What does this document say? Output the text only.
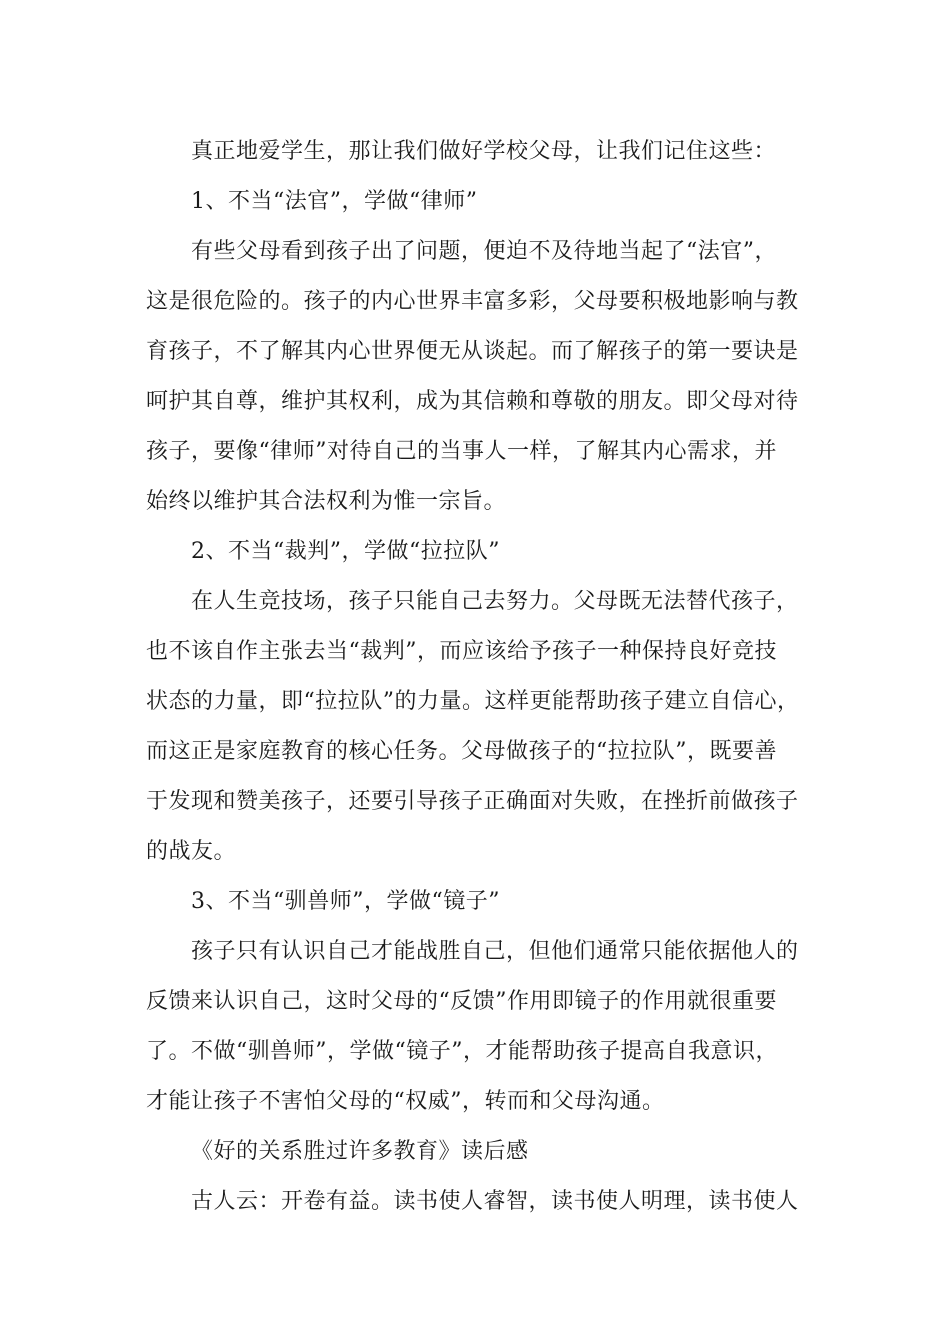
真正地爱学生，那让我们做好学校父母，让我们记住这些：
1、不当“法官”，学做“律师”
有些父母看到孩子出了问题，便迫不及待地当起了“法官”，
这是很危险的。孩子的内心世界丰富多彩，父母要积极地影响与教
育孩子，不了解其内心世界便无从谈起。而了解孩子的第一要诀是
呵护其自尊，维护其权利，成为其信赖和尊敬的朋友。即父母对待
孩子，要像“律师”对待自己的当事人一样，了解其内心需求，并
始终以维护其合法权利为惟一宗旨。
2、不当“裁判”，学做“拉拉队”
在人生竞技场，孩子只能自己去努力。父母既无法替代孩子，
也不该自作主张去当“裁判”，而应该给予孩子一种保持良好竞技
状态的力量，即“拉拉队”的力量。这样更能帮助孩子建立自信心，
而这正是家庭教育的核心任务。父母做孩子的“拉拉队”，既要善
于发现和赞美孩子，还要引导孩子正确面对失败，在挫折前做孩子
的战友。
3、不当“驯兽师”，学做“镜子”
孩子只有认识自己才能战胜自己，但他们通常只能依据他人的
反馈来认识自己，这时父母的“反馈”作用即镜子的作用就很重要
了。不做“驯兽师”，学做“镜子”，才能帮助孩子提高自我意识，
才能让孩子不害怕父母的“权威”，转而和父母沟通。
《好的关系胜过许多教育》读后感
古人云：开卷有益。读书使人睿智，读书使人明理，读书使人
